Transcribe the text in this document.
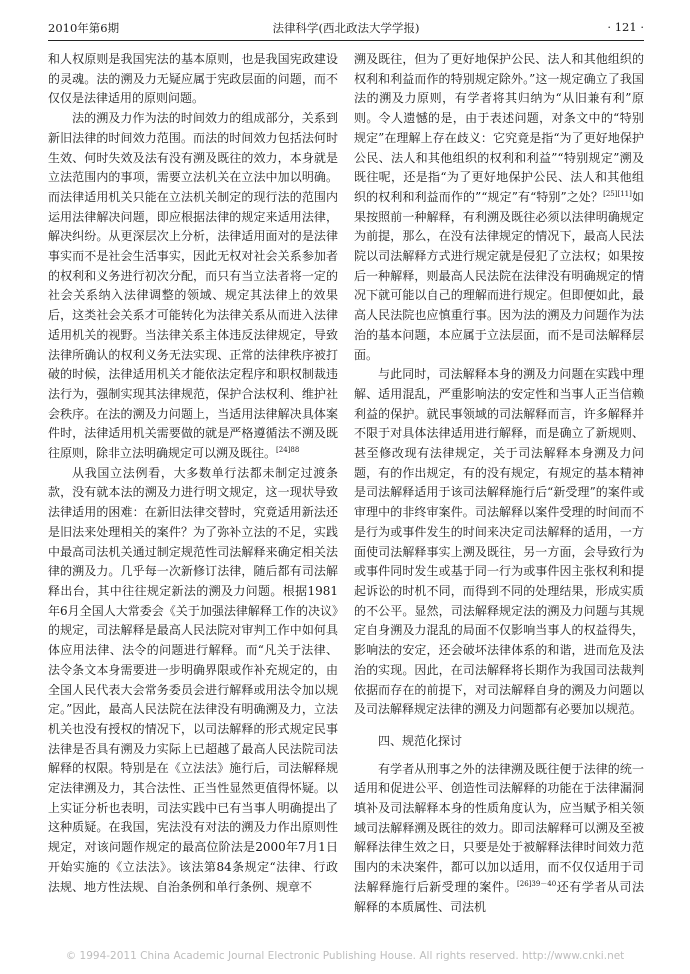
2010年第6期	法律科学(西北政法大学学报)	· 121 ·

和人权原则是我国宪法的基本原则，也是我国宪政建设的灵魂。法的溯及力无疑应属于宪政层面的问题，而不仅仅是法律适用的原则问题。

法的溯及力作为法的时间效力的组成部分，关系到新旧法律的时间效力范围。而法的时间效力包括法何时生效、何时失效及法有没有溯及既往的效力，本身就是立法范围内的事项，需要立法机关在立法中加以明确。而法律适用机关只能在立法机关制定的现行法的范围内运用法律解决问题，即应根据法律的规定来适用法律，解决纠纷。从更深层次上分析，法律适用面对的是法律事实而不是社会生活事实，因此无权对社会关系参加者的权利和义务进行初次分配，而只有当立法者将一定的社会关系纳入法律调整的领域、规定其法律上的效果后，这类社会关系才可能转化为法律关系从而进入法律适用机关的视野。当法律关系主体违反法律规定，导致法律所确认的权利义务无法实现、正常的法律秩序被打破的时候，法律适用机关才能依法定程序和职权制裁违法行为，强制实现其法律规范，保护合法权利、维护社会秩序。在法的溯及力问题上，当适用法律解决具体案件时，法律适用机关需要做的就是严格遵循法不溯及既往原则，除非立法明确规定可以溯及既往。$^{[24]88}$

从我国立法例看，大多数单行法都未制定过渡条款，没有就本法的溯及力进行明文规定，这一现状导致法律适用的困难：在新旧法律交替时，究竟适用新法还是旧法来处理相关的案件？为了弥补立法的不足，实践中最高司法机关通过制定规范性司法解释来确定相关法律的溯及力。几乎每一次新修订法律，随后都有司法解释出台，其中往往规定新法的溯及力问题。根据1981年6月全国人大常委会《关于加强法律解释工作的决议》的规定，司法解释是最高人民法院对审判工作中如何具体应用法律、法令的问题进行解释。而“凡关于法律、法令条文本身需要进一步明确界限或作补充规定的，由全国人民代表大会常务委员会进行解释或用法令加以规定。”因此，最高人民法院在法律没有明确溯及力，立法机关也没有授权的情况下，以司法解释的形式规定民事法律是否具有溯及力实际上已超越了最高人民法院司法解释的权限。特别是在《立法法》施行后，司法解释规定法律溯及力，其合法性、正当性显然更值得怀疑。以上实证分析也表明，司法实践中已有当事人明确提出了这种质疑。在我国，宪法没有对法的溯及力作出原则性规定，对该问题作规定的最高位阶法是2000年7月1日开始实施的《立法法》。该法第84条规定“法律、行政法规、地方性法规、自治条例和单行条例、规章不

溯及既往，但为了更好地保护公民、法人和其他组织的权利和利益而作的特别规定除外。”这一规定确立了我国法的溯及力原则，有学者将其归纳为“从旧兼有利”原则。令人遗憾的是，由于表述问题，对条文中的“特别规定”在理解上存在歧义：它究竟是指“为了更好地保护公民、法人和其他组织的权利和利益”“特别规定”溯及既往呢，还是指“为了更好地保护公民、法人和其他组织的权利和利益而作的”“规定”有“特别”之处？[25][11]如果按照前一种解释，有利溯及既往必须以法律明确规定为前提，那么，在没有法律规定的情况下，最高人民法院以司法解释方式进行规定就是侵犯了立法权；如果按后一种解释，则最高人民法院在法律没有明确规定的情况下就可能以自己的理解而进行规定。但即便如此，最高人民法院也应慎重行事。因为法的溯及力问题作为法治的基本问题，本应属于立法层面，而不是司法解释层面。

与此同时，司法解释本身的溯及力问题在实践中理解、适用混乱，严重影响法的安定性和当事人正当信赖利益的保护。就民事领域的司法解释而言，许多解释并不限于对具体法律适用进行解释，而是确立了新规则、甚至修改现有法律规定，关于司法解释本身溯及力问题，有的作出规定，有的没有规定，有规定的基本精神是司法解释适用于该司法解释施行后“新受理”的案件或审理中的非终审案件。司法解释以案件受理的时间而不是行为或事件发生的时间来决定司法解释的适用，一方面使司法解释事实上溯及既往，另一方面，会导致行为或事件同时发生或基于同一行为或事件因主张权利和提起诉讼的时机不同，而得到不同的处理结果，形成实质的不公平。显然，司法解释规定法的溯及力问题与其规定自身溯及力混乱的局面不仅影响当事人的权益得失，影响法的安定，还会破坏法律体系的和谐，进而危及法治的实现。因此，在司法解释将长期作为我国司法裁判依据而存在的前提下，对司法解释自身的溯及力问题以及司法解释规定法律的溯及力问题都有必要加以规范。

四、规范化探讨

有学者从刑事之外的法律溯及既往便于法律的统一适用和促进公平、创造性司法解释的功能在于法律漏洞填补及司法解释本身的性质角度认为，应当赋予相关领域司法解释溯及既往的效力。即司法解释可以溯及至被解释法律生效之日，只要是处于被解释法律时间效力范围内的未决案件，都可以加以适用，而不仅仅适用于司法解释施行后新受理的案件。$^{[26]39-40}$还有学者从司法解释的本质属性、司法机

© 1994-2011 China Academic Journal Electronic Publishing House. All rights reserved. http://www.cnki.net
